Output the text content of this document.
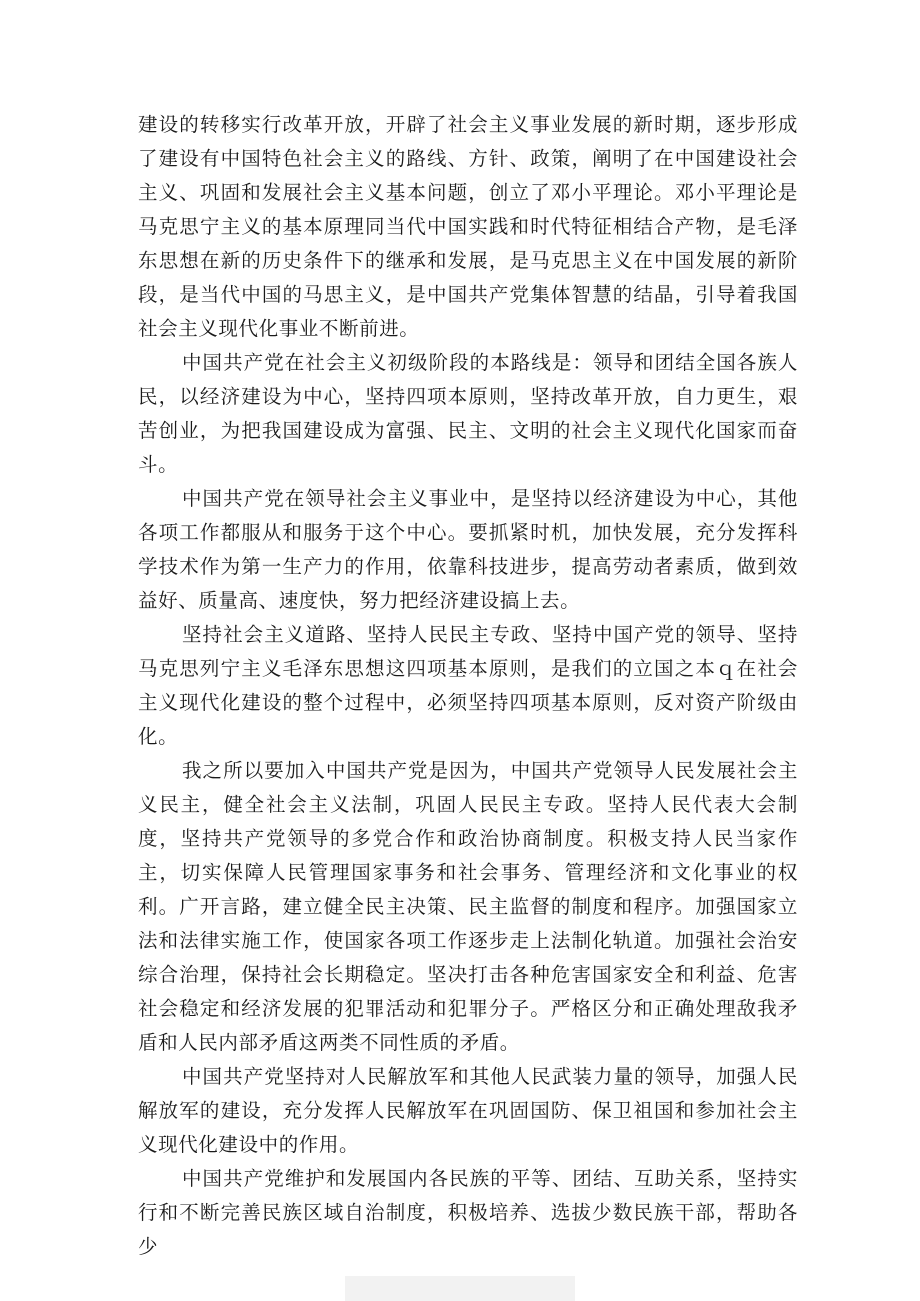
建设的转移实行改革开放，开辟了社会主义事业发展的新时期，逐步形成了建设有中国特色社会主义的路线、方针、政策，阐明了在中国建设社会主义、巩固和发展社会主义基本问题，创立了邓小平理论。邓小平理论是马克思宁主义的基本原理同当代中国实践和时代特征相结合产物，是毛泽东思想在新的历史条件下的继承和发展，是马克思主义在中国发展的新阶段，是当代中国的马思主义，是中国共产党集体智慧的结晶，引导着我国社会主义现代化事业不断前进。

中国共产党在社会主义初级阶段的本路线是：领导和团结全国各族人民，以经济建设为中心，坚持四项本原则，坚持改革开放，自力更生，艰苦创业，为把我国建设成为富强、民主、文明的社会主义现代化国家而奋斗。

中国共产党在领导社会主义事业中，是坚持以经济建设为中心，其他各项工作都服从和服务于这个中心。要抓紧时机，加快发展，充分发挥科学技术作为第一生产力的作用，依靠科技进步，提高劳动者素质，做到效益好、质量高、速度快，努力把经济建设搞上去。

坚持社会主义道路、坚持人民民主专政、坚持中国产党的领导、坚持马克思列宁主义毛泽东思想这四项基本原则，是我们的立国之本ｑ在社会主义现代化建设的整个过程中，必须坚持四项基本原则，反对资产阶级由化。

我之所以要加入中国共产党是因为，中国共产党领导人民发展社会主义民主，健全社会主义法制，巩固人民民主专政。坚持人民代表大会制度，坚持共产党领导的多党合作和政治协商制度。积极支持人民当家作主，切实保障人民管理国家事务和社会事务、管理经济和文化事业的权利。广开言路，建立健全民主决策、民主监督的制度和程序。加强国家立法和法律实施工作，使国家各项工作逐步走上法制化轨道。加强社会治安综合治理，保持社会长期稳定。坚决打击各种危害国家安全和利益、危害社会稳定和经济发展的犯罪活动和犯罪分子。严格区分和正确处理敌我矛盾和人民内部矛盾这两类不同性质的矛盾。

中国共产党坚持对人民解放军和其他人民武装力量的领导，加强人民解放军的建设，充分发挥人民解放军在巩固国防、保卫祖国和参加社会主义现代化建设中的作用。

中国共产党维护和发展国内各民族的平等、团结、互助关系，坚持实行和不断完善民族区域自治制度，积极培养、选拔少数民族干部，帮助各少
